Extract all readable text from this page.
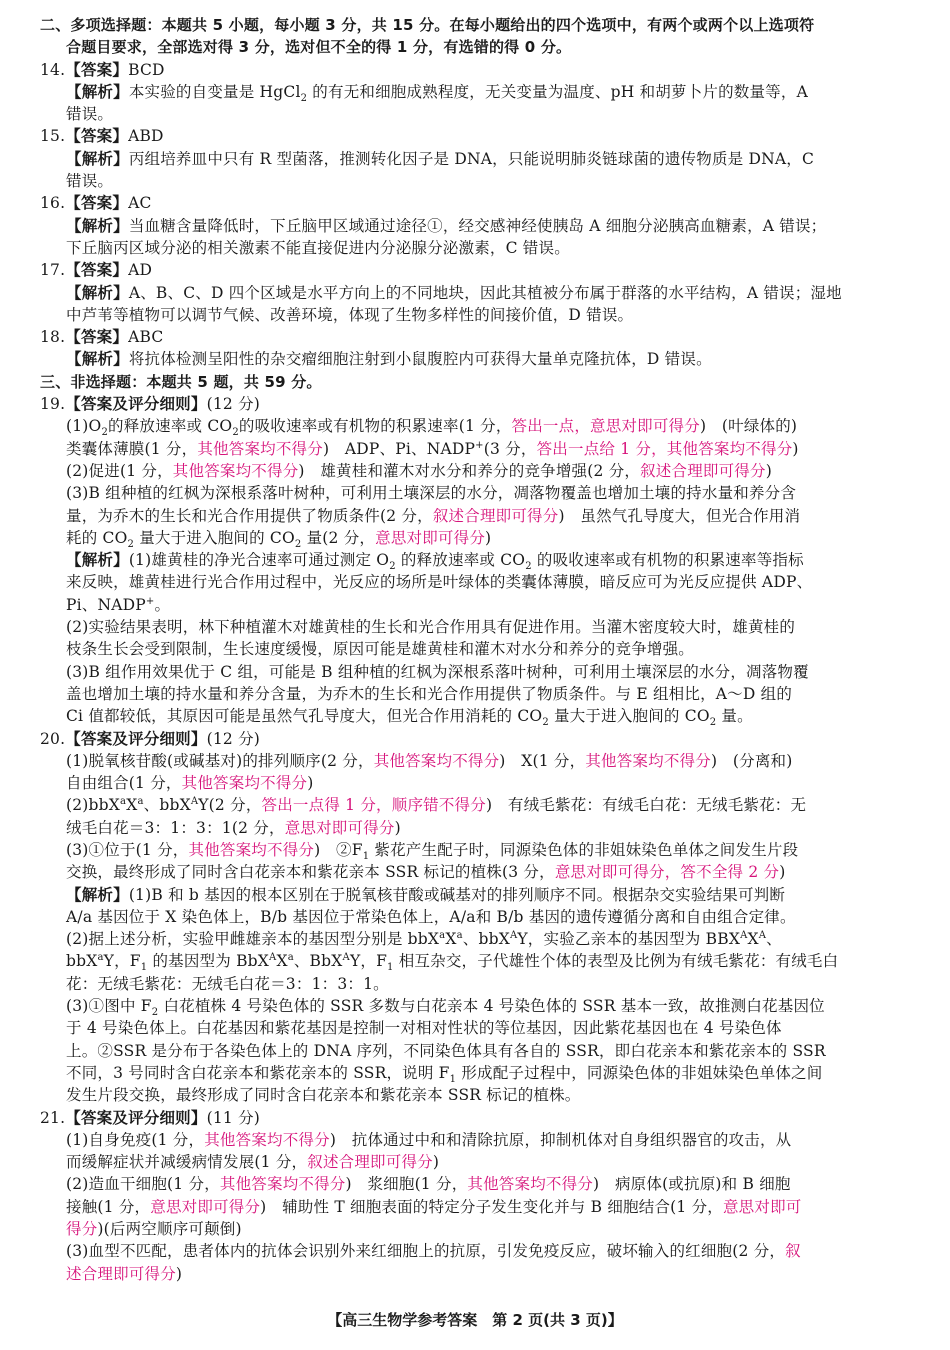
二、多项选择题：本题共 5 小题，每小题 3 分，共 15 分。在每小题给出的四个选项中，有两个或两个以上选项符
合题目要求，全部选对得 3 分，选对但不全的得 1 分，有选错的得 0 分。
14.【答案】BCD
【解析】本实验的自变量是 HgCl$_2$ 的有无和细胞成熟程度，无关变量为温度、pH 和胡萝卜片的数量等，A
错误。
15.【答案】ABD
【解析】丙组培养皿中只有 R 型菌落，推测转化因子是 DNA，只能说明肺炎链球菌的遗传物质是 DNA，C
错误。
16.【答案】AC
【解析】当血糖含量降低时，下丘脑甲区域通过途径①，经交感神经使胰岛 A 细胞分泌胰高血糖素，A 错误；
下丘脑丙区域分泌的相关激素不能直接促进内分泌腺分泌激素，C 错误。
17.【答案】AD
【解析】A、B、C、D 四个区域是水平方向上的不同地块，因此其植被分布属于群落的水平结构，A 错误；湿地
中芦苇等植物可以调节气候、改善环境，体现了生物多样性的间接价值，D 错误。
18.【答案】ABC
【解析】将抗体检测呈阳性的杂交瘤细胞注射到小鼠腹腔内可获得大量单克隆抗体，D 错误。
三、非选择题：本题共 5 题，共 59 分。
19.【答案及评分细则】(12 分)
$(1)O_2$的释放速率或 $CO_2$的吸收速率或有机物的积累速率(1 分，答出一点，意思对即可得分)　(叶绿体的)
类囊体薄膜(1 分，其他答案均不得分)　ADP、Pi、NADP+(3 分，答出一点给 1 分，其他答案均不得分)
(2)促进(1 分，其他答案均不得分)　雄黄桂和灌木对水分和养分的竞争增强(2 分，叙述合理即可得分)
(3)B 组种植的红枫为深根系落叶树种，可利用土壤深层的水分，凋落物覆盖也增加土壤的持水量和养分含
量，为乔木的生长和光合作用提供了物质条件(2 分，叙述合理即可得分)　虽然气孔导度大，但光合作用消
耗的 $CO_2$ 量大于进入胞间的 $CO_2$ 量(2 分，意思对即可得分)
【解析】(1)雄黄桂的净光合速率可通过测定 $O_2$ 的释放速率或 $CO_2$ 的吸收速率或有机物的积累速率等指标
来反映，雄黄桂进行光合作用过程中，光反应的场所是叶绿体的类囊体薄膜，暗反应可为光反应提供 ADP、
Pi、NADP+。
(2)实验结果表明，林下种植灌木对雄黄桂的生长和光合作用具有促进作用。当灌木密度较大时，雄黄桂的
枝条生长会受到限制，生长速度缓慢，原因可能是雄黄桂和灌木对水分和养分的竞争增强。
(3)B 组作用效果优于 C 组，可能是 B 组种植的红枫为深根系落叶树种，可利用土壤深层的水分，凋落物覆
盖也增加土壤的持水量和养分含量，为乔木的生长和光合作用提供了物质条件。与 E 组相比，A～D 组的
Ci 值都较低，其原因可能是虽然气孔导度大，但光合作用消耗的 $CO_2$ 量大于进入胞间的 $CO_2$ 量。
20.【答案及评分细则】(12 分)
(1)脱氧核苷酸(或碱基对)的排列顺序(2 分，其他答案均不得分)　X(1 分，其他答案均不得分)　(分离和)
自由组合(1 分，其他答案均不得分)
$(2)bbX^aX^a$、bbX$^A$Y(2 分，答出一点得 1 分，顺序错不得分)　有绒毛紫花：有绒毛白花：无绒毛紫花：无
绒毛白花＝3：1：3：1(2 分，意思对即可得分)
(3)①位于(1 分，其他答案均不得分)　$②F_1$ 紫花产生配子时，同源染色体的非姐妹染色单体之间发生片段
交换，最终形成了同时含白花亲本和紫花亲本 SSR 标记的植株(3 分，意思对即可得分，答不全得 2 分)
【解析】(1)B 和 b 基因的根本区别在于脱氧核苷酸或碱基对的排列顺序不同。根据杂交实验结果可判断
A/a 基因位于 X 染色体上，B/b 基因位于常染色体上，A/a和 B/b 基因的遗传遵循分离和自由组合定律。
(2)据上述分析，实验甲雌雄亲本的基因型分别是 $bbX^aX^a$、bbX$^A$Y，实验乙亲本的基因型为 $BBX^AX^A$、
bbX$^a$Y，$F_1$ 的基因型为 $BbX^AX^a$、BbX$^A$Y，$F_1$ 相互杂交，子代雄性个体的表型及比例为有绒毛紫花：有绒毛白
花：无绒毛紫花：无绒毛白花＝3：1：3：1。
(3)①图中 $F_2$ 白花植株 4 号染色体的 SSR 多数与白花亲本 4 号染色体的 SSR 基本一致，故推测白花基因位
于 4 号染色体上。白花基因和紫花基因是控制一对相对性状的等位基因，因此紫花基因也在 4 号染色体
上。②SSR 是分布于各染色体上的 DNA 序列，不同染色体具有各自的 SSR，即白花亲本和紫花亲本的 SSR
不同，3 号同时含白花亲本和紫花亲本的 SSR，说明 $F_1$ 形成配子过程中，同源染色体的非姐妹染色单体之间
发生片段交换，最终形成了同时含白花亲本和紫花亲本 SSR 标记的植株。
21.【答案及评分细则】(11 分)
(1)自身免疫(1 分，其他答案均不得分)　抗体通过中和和清除抗原，抑制机体对自身组织器官的攻击，从
而缓解症状并减缓病情发展(1 分，叙述合理即可得分)
(2)造血干细胞(1 分，其他答案均不得分)　浆细胞(1 分，其他答案均不得分)　病原体(或抗原)和 B 细胞
接触(1 分，意思对即可得分)　辅助性 T 细胞表面的特定分子发生变化并与 B 细胞结合(1 分，意思对即可
得分)(后两空顺序可颠倒)
(3)血型不匹配，患者体内的抗体会识别外来红细胞上的抗原，引发免疫反应，破坏输入的红细胞(2 分，叙
述合理即可得分)
【高三生物学参考答案　第 2 页(共 3 页)】
